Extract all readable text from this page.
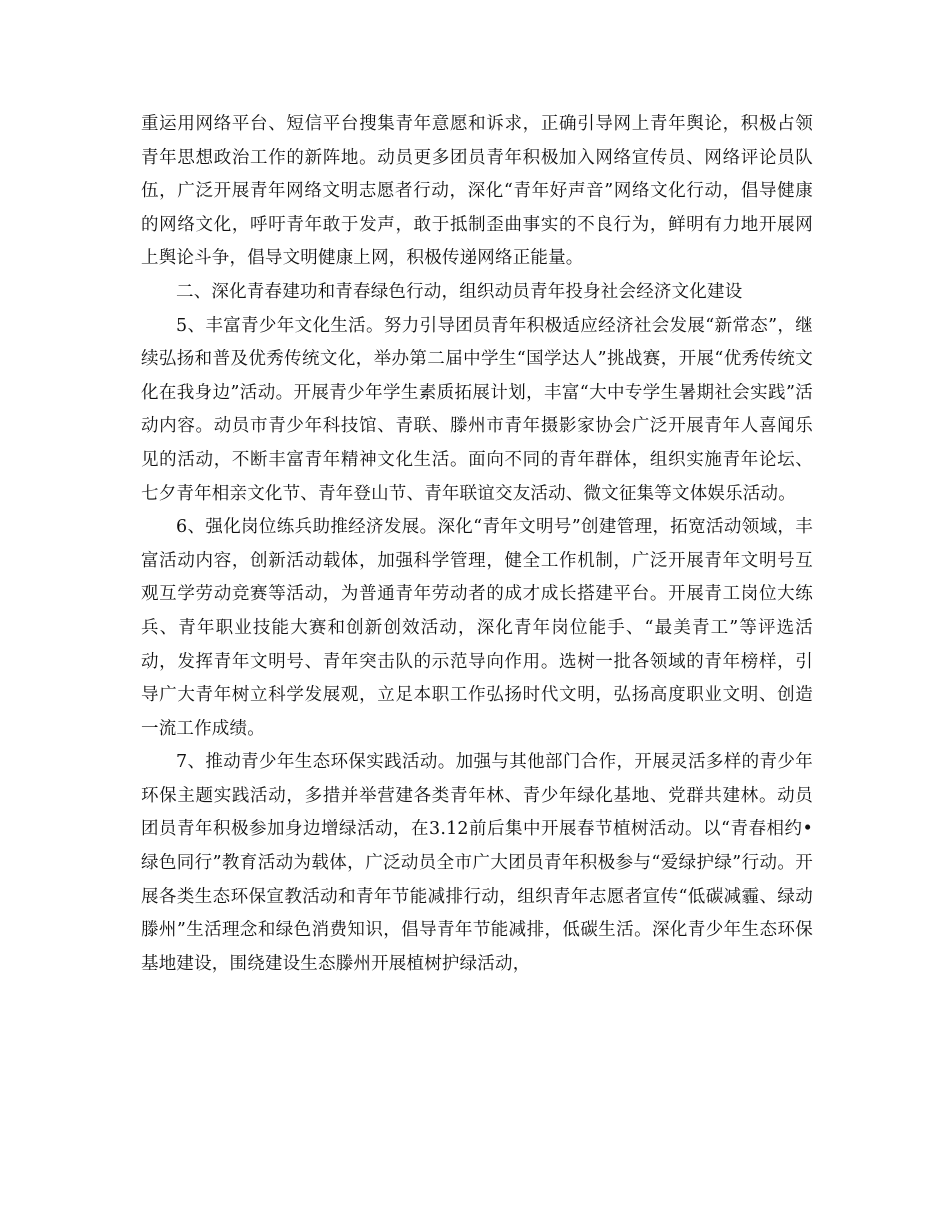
重运用网络平台、短信平台搜集青年意愿和诉求，正确引导网上青年舆论，积极占领青年思想政治工作的新阵地。动员更多团员青年积极加入网络宣传员、网络评论员队伍，广泛开展青年网络文明志愿者行动，深化“青年好声音”网络文化行动，倡导健康的网络文化，呼吁青年敢于发声，敢于抵制歪曲事实的不良行为，鲜明有力地开展网上舆论斗争，倡导文明健康上网，积极传递网络正能量。

二、深化青春建功和青春绿色行动，组织动员青年投身社会经济文化建设

5、丰富青少年文化生活。努力引导团员青年积极适应经济社会发展“新常态”，继续弘扬和普及优秀传统文化，举办第二届中学生“国学达人”挑战赛，开展“优秀传统文化在我身边”活动。开展青少年学生素质拓展计划，丰富“大中专学生暑期社会实践”活动内容。动员市青少年科技馆、青联、滕州市青年摄影家协会广泛开展青年人喜闻乐见的活动，不断丰富青年精神文化生活。面向不同的青年群体，组织实施青年论坛、七夕青年相亲文化节、青年登山节、青年联谊交友活动、微文征集等文体娱乐活动。

6、强化岗位练兵助推经济发展。深化“青年文明号”创建管理，拓宽活动领域，丰富活动内容，创新活动载体，加强科学管理，健全工作机制，广泛开展青年文明号互观互学劳动竞赛等活动，为普通青年劳动者的成才成长搭建平台。开展青工岗位大练兵、青年职业技能大赛和创新创效活动，深化青年岗位能手、“最美青工”等评选活动，发挥青年文明号、青年突击队的示范导向作用。选树一批各领域的青年榜样，引导广大青年树立科学发展观，立足本职工作弘扬时代文明，弘扬高度职业文明、创造一流工作成绩。

7、推动青少年生态环保实践活动。加强与其他部门合作，开展灵活多样的青少年环保主题实践活动，多措并举营建各类青年林、青少年绿化基地、党群共建林。动员团员青年积极参加身边增绿活动，在3.12前后集中开展春节植树活动。以“青春相约•绿色同行”教育活动为载体，广泛动员全市广大团员青年积极参与“爱绿护绿”行动。开展各类生态环保宣教活动和青年节能减排行动，组织青年志愿者宣传“低碳减霾、绿动滕州”生活理念和绿色消费知识，倡导青年节能减排，低碳生活。深化青少年生态环保基地建设，围绕建设生态滕州开展植树护绿活动，
